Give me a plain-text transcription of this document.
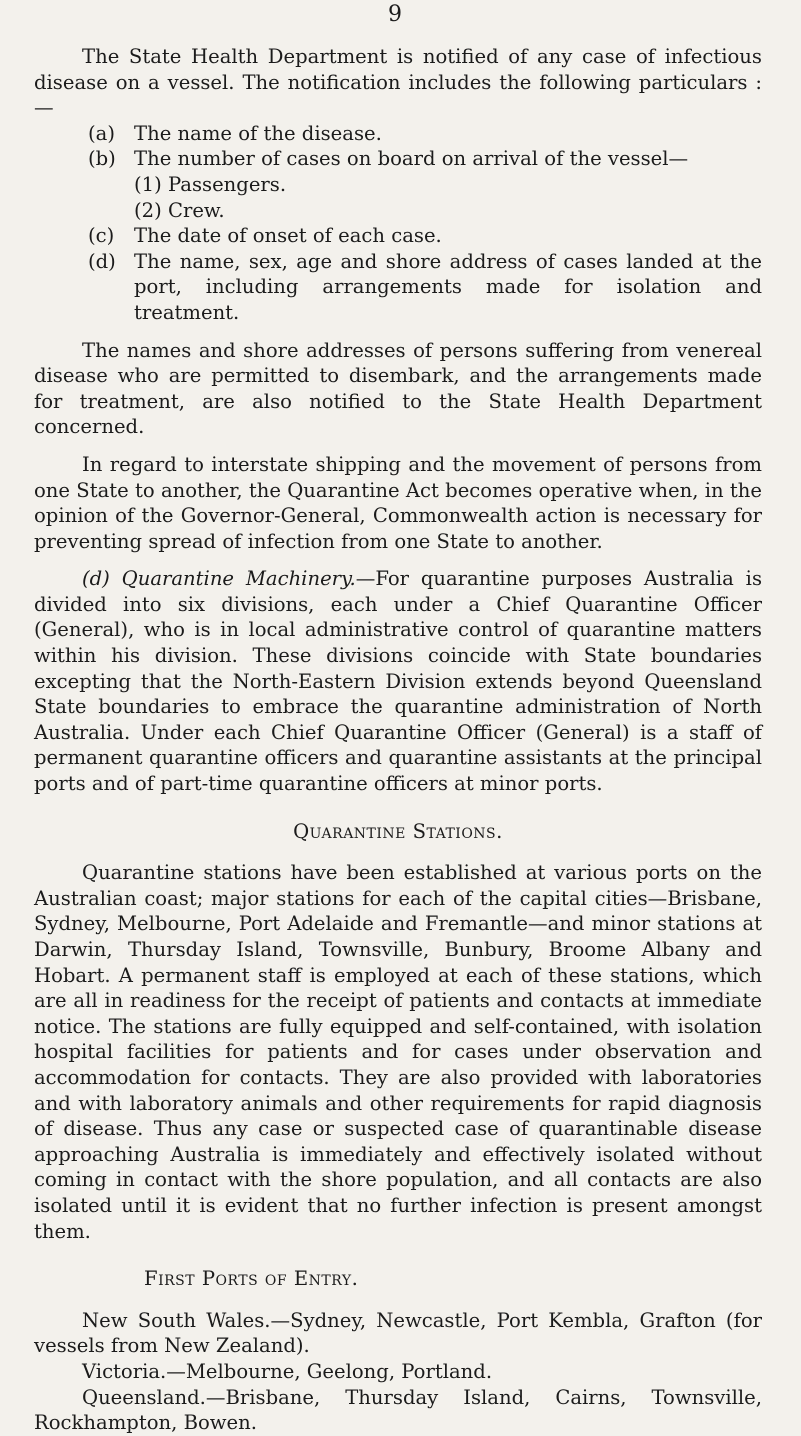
9

The State Health Department is notified of any case of infectious disease on a vessel. The notification includes the following particulars :—

(a) The name of the disease.
(b) The number of cases on board on arrival of the vessel—
(1) Passengers.
(2) Crew.
(c) The date of onset of each case.
(d) The name, sex, age and shore address of cases landed at the port, including arrangements made for isolation and treatment.

The names and shore addresses of persons suffering from venereal disease who are permitted to disembark, and the arrangements made for treatment, are also notified to the State Health Department concerned.

In regard to interstate shipping and the movement of persons from one State to another, the Quarantine Act becomes operative when, in the opinion of the Governor-General, Commonwealth action is necessary for preventing spread of infection from one State to another.

(d) Quarantine Machinery.—For quarantine purposes Australia is divided into six divisions, each under a Chief Quarantine Officer (General), who is in local administrative control of quarantine matters within his division. These divisions coincide with State boundaries excepting that the North-Eastern Division extends beyond Queensland State boundaries to embrace the quarantine administration of North Australia. Under each Chief Quarantine Officer (General) is a staff of permanent quarantine officers and quarantine assistants at the principal ports and of part-time quarantine officers at minor ports.

Quarantine Stations.

Quarantine stations have been established at various ports on the Australian coast; major stations for each of the capital cities—Brisbane, Sydney, Melbourne, Port Adelaide and Fremantle—and minor stations at Darwin, Thursday Island, Townsville, Bunbury, Broome Albany and Hobart. A permanent staff is employed at each of these stations, which are all in readiness for the receipt of patients and contacts at immediate notice. The stations are fully equipped and self-contained, with isolation hospital facilities for patients and for cases under observation and accommodation for contacts. They are also provided with laboratories and with laboratory animals and other requirements for rapid diagnosis of disease. Thus any case or suspected case of quarantinable disease approaching Australia is immediately and effectively isolated without coming in contact with the shore population, and all contacts are also isolated until it is evident that no further infection is present amongst them.

First Ports of Entry.

New South Wales.—Sydney, Newcastle, Port Kembla, Grafton (for vessels from New Zealand).

Victoria.—Melbourne, Geelong, Portland.

Queensland.—Brisbane, Thursday Island, Cairns, Townsville, Rockhampton, Bowen.
